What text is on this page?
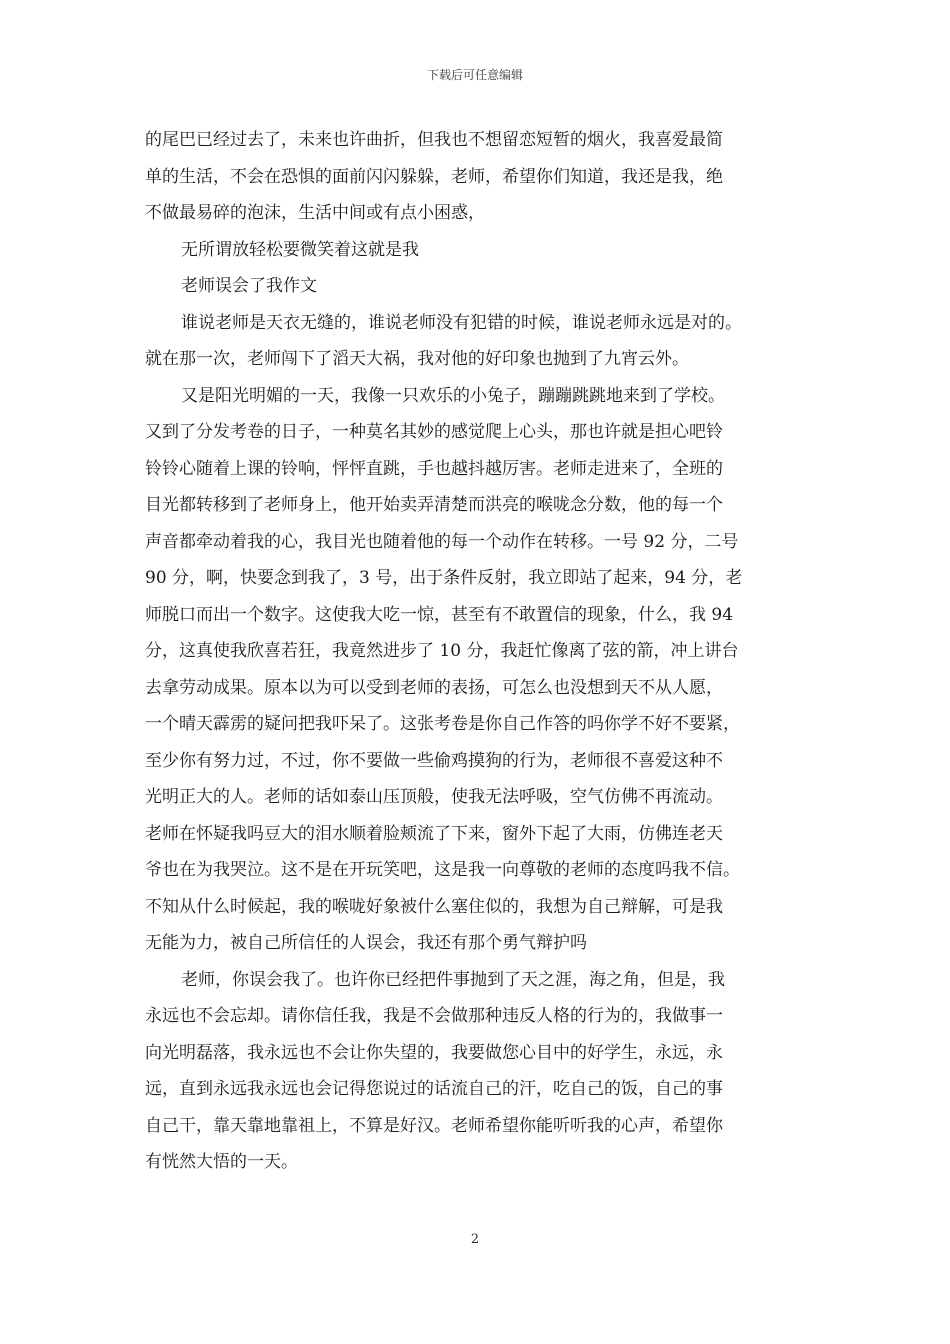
下载后可任意编辑
的尾巴已经过去了，未来也许曲折，但我也不想留恋短暂的烟火，我喜爱最简
单的生活，不会在恐惧的面前闪闪躲躲，老师，希望你们知道，我还是我，绝
不做最易碎的泡沫，生活中间或有点小困惑，
无所谓放轻松要微笑着这就是我
老师误会了我作文
谁说老师是天衣无缝的，谁说老师没有犯错的时候，谁说老师永远是对的。
就在那一次，老师闯下了滔天大祸，我对他的好印象也抛到了九宵云外。
又是阳光明媚的一天，我像一只欢乐的小兔子，蹦蹦跳跳地来到了学校。
又到了分发考卷的日子，一种莫名其妙的感觉爬上心头，那也许就是担心吧铃
铃铃心随着上课的铃响，怦怦直跳，手也越抖越厉害。老师走进来了，全班的
目光都转移到了老师身上，他开始卖弄清楚而洪亮的喉咙念分数，他的每一个
声音都牵动着我的心，我目光也随着他的每一个动作在转移。一号 92 分，二号
90 分，啊，快要念到我了，3 号，出于条件反射，我立即站了起来，94 分，老
师脱口而出一个数字。这使我大吃一惊，甚至有不敢置信的现象，什么，我 94
分，这真使我欣喜若狂，我竟然进步了 10 分，我赶忙像离了弦的箭，冲上讲台
去拿劳动成果。原本以为可以受到老师的表扬，可怎么也没想到天不从人愿，
一个晴天霹雳的疑问把我吓呆了。这张考卷是你自己作答的吗你学不好不要紧，
至少你有努力过，不过，你不要做一些偷鸡摸狗的行为，老师很不喜爱这种不
光明正大的人。老师的话如泰山压顶般，使我无法呼吸，空气仿佛不再流动。
老师在怀疑我吗豆大的泪水顺着脸颊流了下来，窗外下起了大雨，仿佛连老天
爷也在为我哭泣。这不是在开玩笑吧，这是我一向尊敬的老师的态度吗我不信。
不知从什么时候起，我的喉咙好象被什么塞住似的，我想为自己辩解，可是我
无能为力，被自己所信任的人误会，我还有那个勇气辩护吗
老师，你误会我了。也许你已经把件事抛到了天之涯，海之角，但是，我
永远也不会忘却。请你信任我，我是不会做那种违反人格的行为的，我做事一
向光明磊落，我永远也不会让你失望的，我要做您心目中的好学生，永远，永
远，直到永远我永远也会记得您说过的话流自己的汗，吃自己的饭，自己的事
自己干，靠天靠地靠祖上，不算是好汉。老师希望你能听听我的心声，希望你
有恍然大悟的一天。
2
